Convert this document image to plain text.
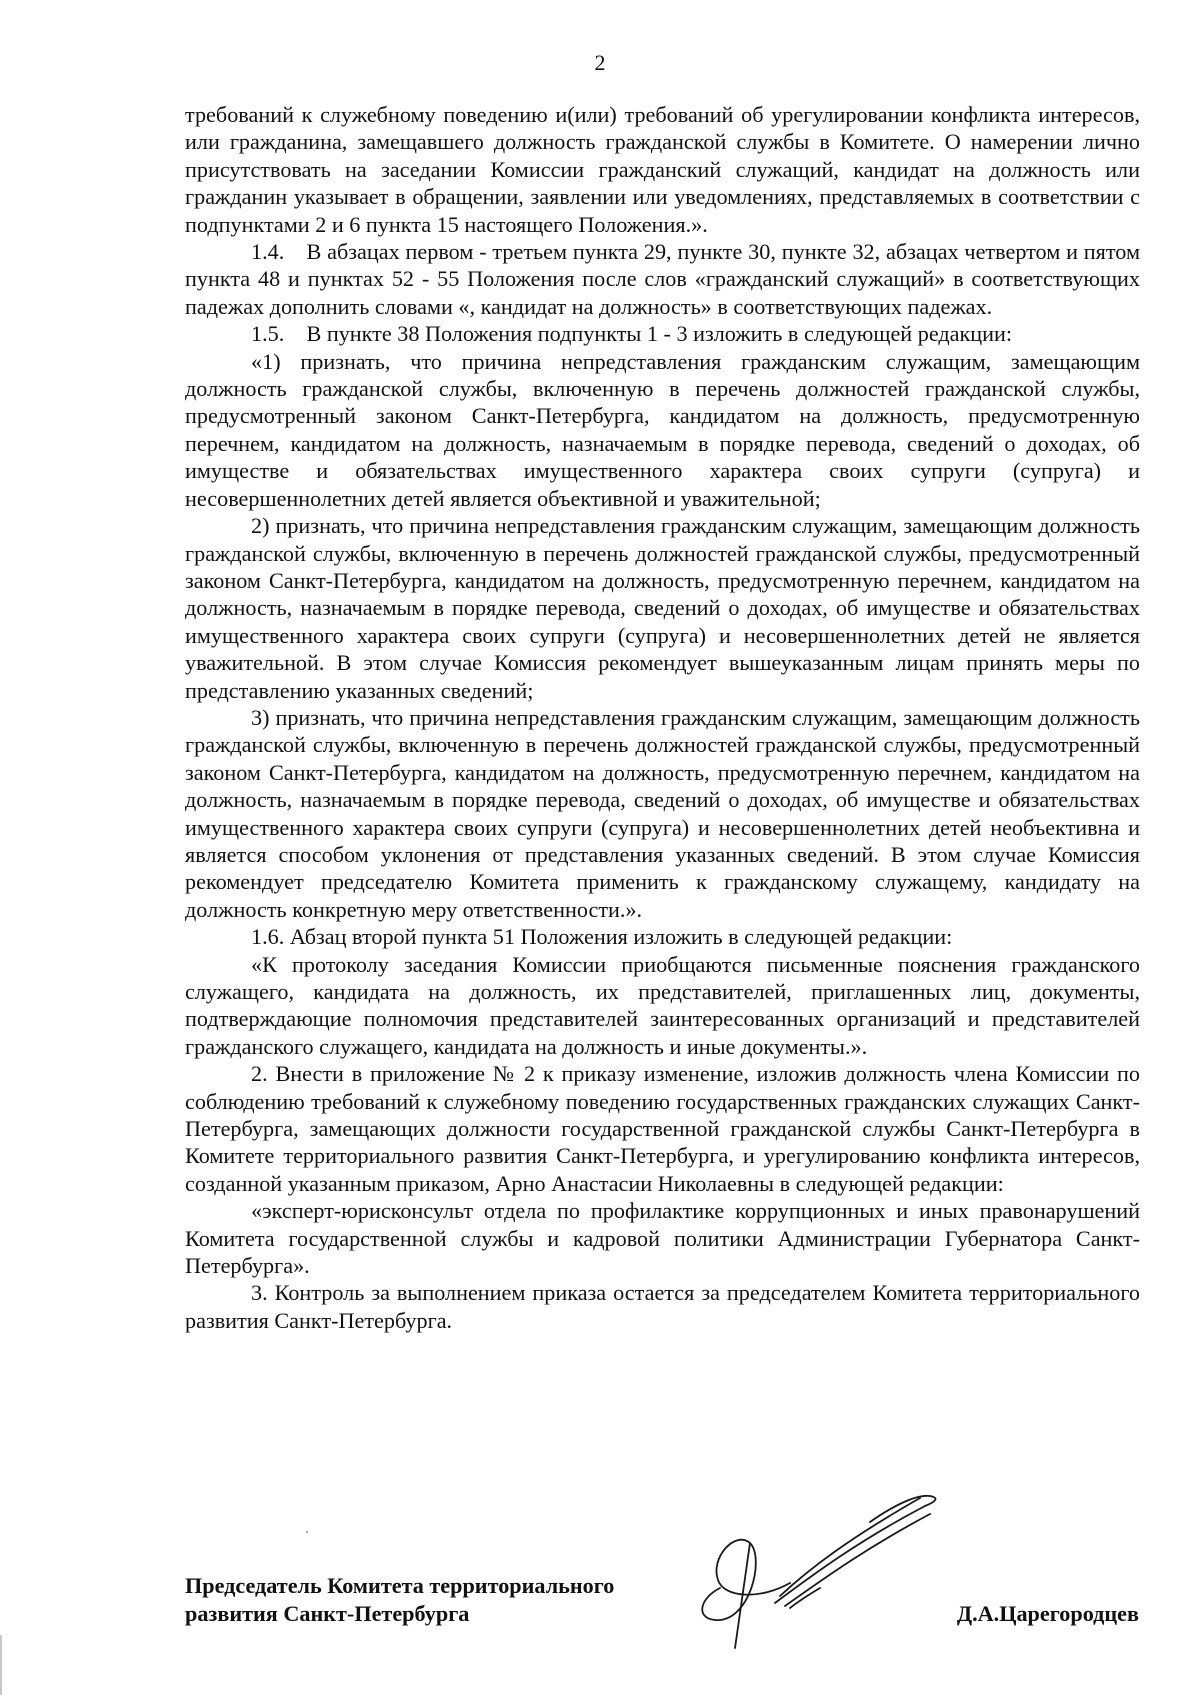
2

требований к служебному поведению и(или) требований об урегулировании конфликта интересов, или гражданина, замещавшего должность гражданской службы в Комитете. О намерении лично присутствовать на заседании Комиссии гражданский служащий, кандидат на должность или гражданин указывает в обращении, заявлении или уведомлениях, представляемых в соответствии с подпунктами 2 и 6 пункта 15 настоящего Положения.».

1.4. В абзацах первом - третьем пункта 29, пункте 30, пункте 32, абзацах четвертом и пятом пункта 48 и пунктах 52 - 55 Положения после слов «гражданский служащий» в соответствующих падежах дополнить словами «, кандидат на должность» в соответствующих падежах.

1.5. В пункте 38 Положения подпункты 1 - 3 изложить в следующей редакции:

«1) признать, что причина непредставления гражданским служащим, замещающим должность гражданской службы, включенную в перечень должностей гражданской службы, предусмотренный законом Санкт-Петербурга, кандидатом на должность, предусмотренную перечнем, кандидатом на должность, назначаемым в порядке перевода, сведений о доходах, об имуществе и обязательствах имущественного характера своих супруги (супруга) и несовершеннолетних детей является объективной и уважительной;

2) признать, что причина непредставления гражданским служащим, замещающим должность гражданской службы, включенную в перечень должностей гражданской службы, предусмотренный законом Санкт-Петербурга, кандидатом на должность, предусмотренную перечнем, кандидатом на должность, назначаемым в порядке перевода, сведений о доходах, об имуществе и обязательствах имущественного характера своих супруги (супруга) и несовершеннолетних детей не является уважительной. В этом случае Комиссия рекомендует вышеуказанным лицам принять меры по представлению указанных сведений;

3) признать, что причина непредставления гражданским служащим, замещающим должность гражданской службы, включенную в перечень должностей гражданской службы, предусмотренный законом Санкт-Петербурга, кандидатом на должность, предусмотренную перечнем, кандидатом на должность, назначаемым в порядке перевода, сведений о доходах, об имуществе и обязательствах имущественного характера своих супруги (супруга) и несовершеннолетних детей необъективна и является способом уклонения от представления указанных сведений. В этом случае Комиссия рекомендует председателю Комитета применить к гражданскому служащему, кандидату на должность конкретную меру ответственности.».

1.6. Абзац второй пункта 51 Положения изложить в следующей редакции:

«К протоколу заседания Комиссии приобщаются письменные пояснения гражданского служащего, кандидата на должность, их представителей, приглашенных лиц, документы, подтверждающие полномочия представителей заинтересованных организаций и представителей гражданского служащего, кандидата на должность и иные документы.».

2. Внести в приложение № 2 к приказу изменение, изложив должность члена Комиссии по соблюдению требований к служебному поведению государственных гражданских служащих Санкт-Петербурга, замещающих должности государственной гражданской службы Санкт-Петербурга в Комитете территориального развития Санкт-Петербурга, и урегулированию конфликта интересов, созданной указанным приказом, Арно Анастасии Николаевны в следующей редакции:

«эксперт-юрисконсульт отдела по профилактике коррупционных и иных правонарушений Комитета государственной службы и кадровой политики Администрации Губернатора Санкт-Петербурга».

3. Контроль за выполнением приказа остается за председателем Комитета территориального развития Санкт-Петербурга.

Председатель Комитета территориального
развития Санкт-Петербурга	Д.А.Царегородцев
